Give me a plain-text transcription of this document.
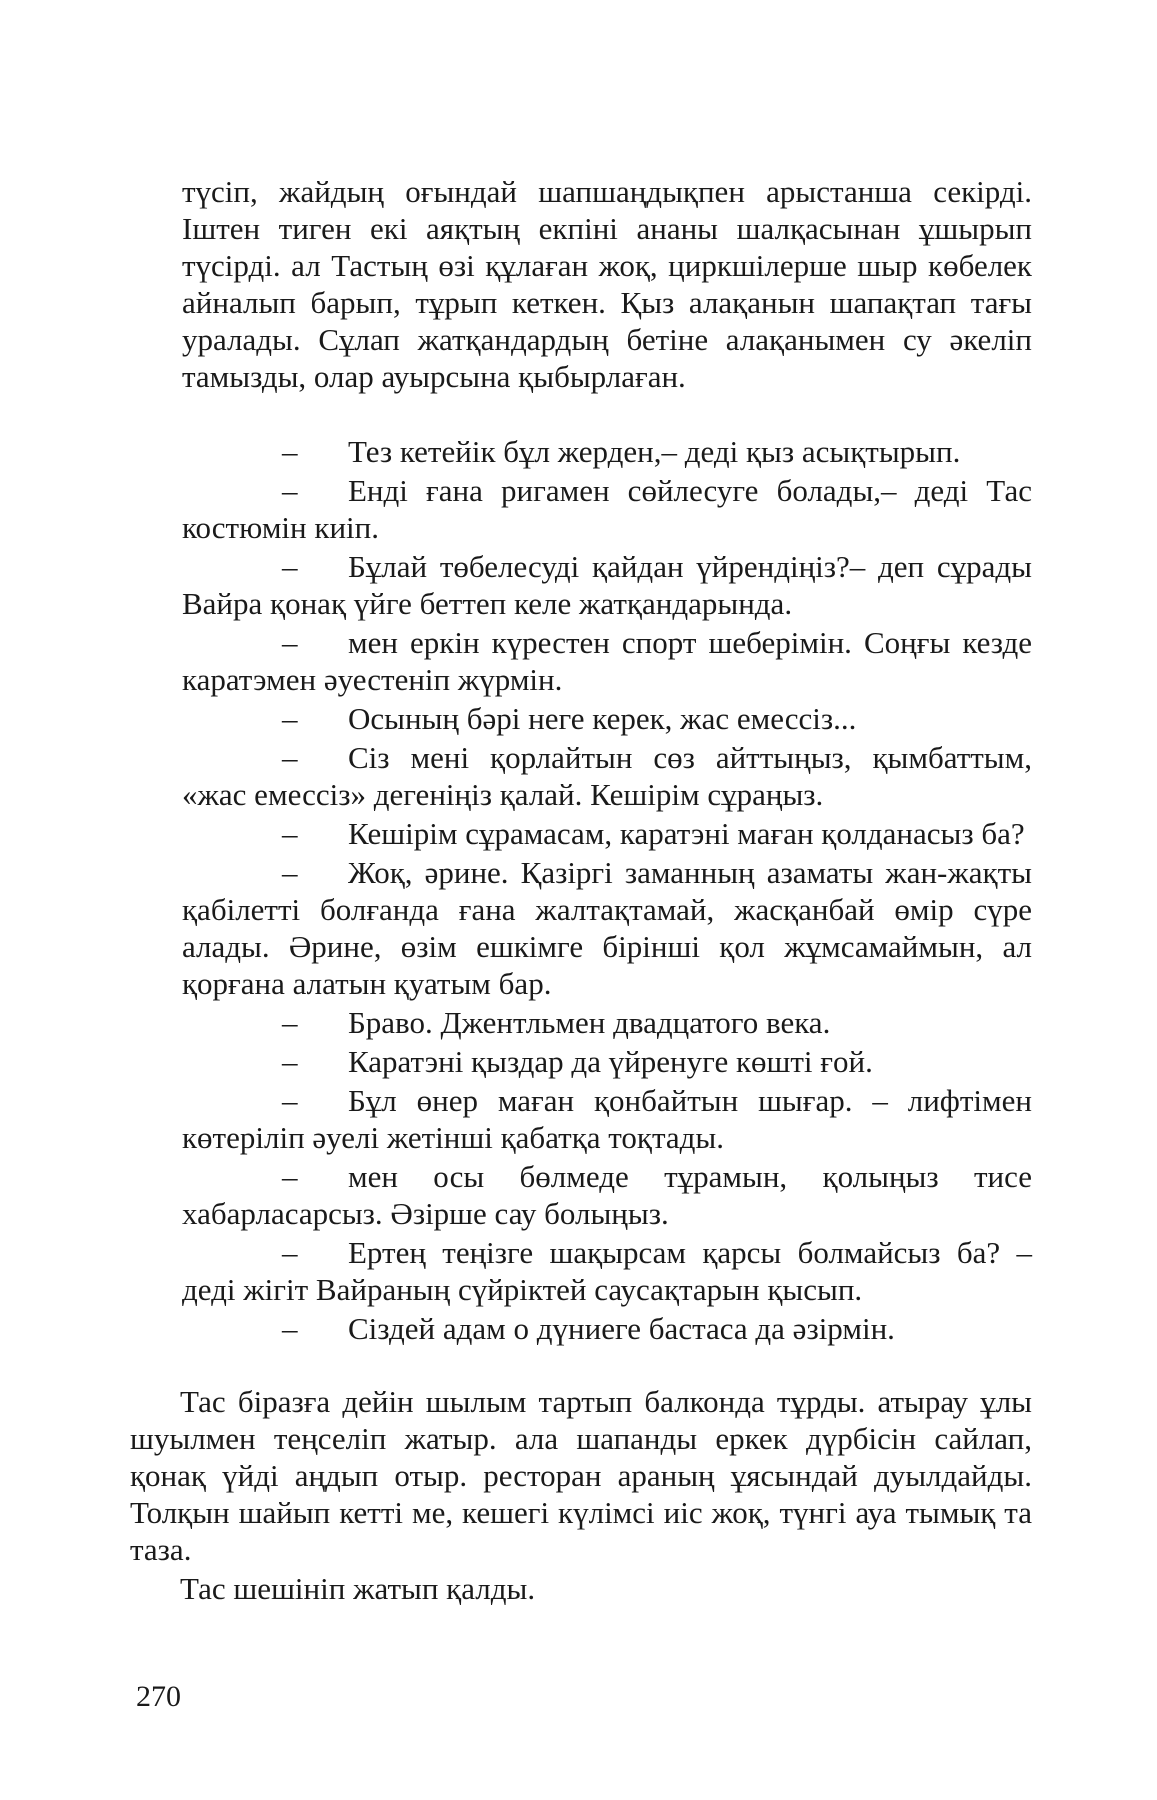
түсіп, жайдың оғындай шапшаңдықпен арыстанша секірді. Іштен тиген екі аяқтың екпіні ананы шалқасынан ұшырып түсірді. ал Тастың өзі құлаған жоқ, циркшілерше шыр көбелек айналып барып, тұрып кеткен. Қыз алақанын шапақтап тағы уралады. Сұлап жатқандардың бетіне алақанымен су әкеліп тамызды, олар ауырсына қыбырлаған.

– Тез кетейік бұл жерден,– деді қыз асықтырып.

– Енді ғана ригамен сөйлесуге болады,– деді Тас костюмін киіп.

– Бұлай төбелесуді қайдан үйрендіңіз?– деп сұрады Вайра қонақ үйге беттеп келе жатқандарында.

– мен еркін күрестен спорт шеберімін. Соңғы кезде каратэмен әуестеніп жүрмін.

– Осының бәрі неге керек, жас емессіз...

– Сіз мені қорлайтын сөз айттыңыз, қымбаттым, «жас емессіз» дегеніңіз қалай. Кешірім сұраңыз.

– Кешірім сұрамасам, каратэні маған қолданасыз ба?

– Жоқ, әрине. Қазіргі заманның азаматы жан-жақты қабілетті болғанда ғана жалтақтамай, жасқанбай өмір сүре алады. Әрине, өзім ешкімге бірінші қол жұмсамаймын, ал қорғана алатын қуатым бар.

– Браво. Джентльмен двадцатого века.

– Каратэні қыздар да үйренуге көшті ғой.

– Бұл өнер маған қонбайтын шығар. – лифтімен көтеріліп әуелі жетінші қабатқа тоқтады.

– мен осы бөлмеде тұрамын, қолыңыз тисе хабарласарсыз. Әзірше сау болыңыз.

– Ертең теңізге шақырсам қарсы болмайсыз ба? – деді жігіт Вайраның сүйріктей саусақтарын қысып.

– Сіздей адам о дүниеге бастаса да әзірмін.

Тас біразға дейін шылым тартып балконда тұрды. атырау ұлы шуылмен теңселіп жатыр. ала шапанды еркек дүрбісін сайлап, қонақ үйді аңдып отыр. ресторан араның ұясындай дуылдайды. Толқын шайып кетті ме, кешегі күлімсі иіс жоқ, түнгі ауа тымық та таза.

Тас шешініп жатып қалды.

270
